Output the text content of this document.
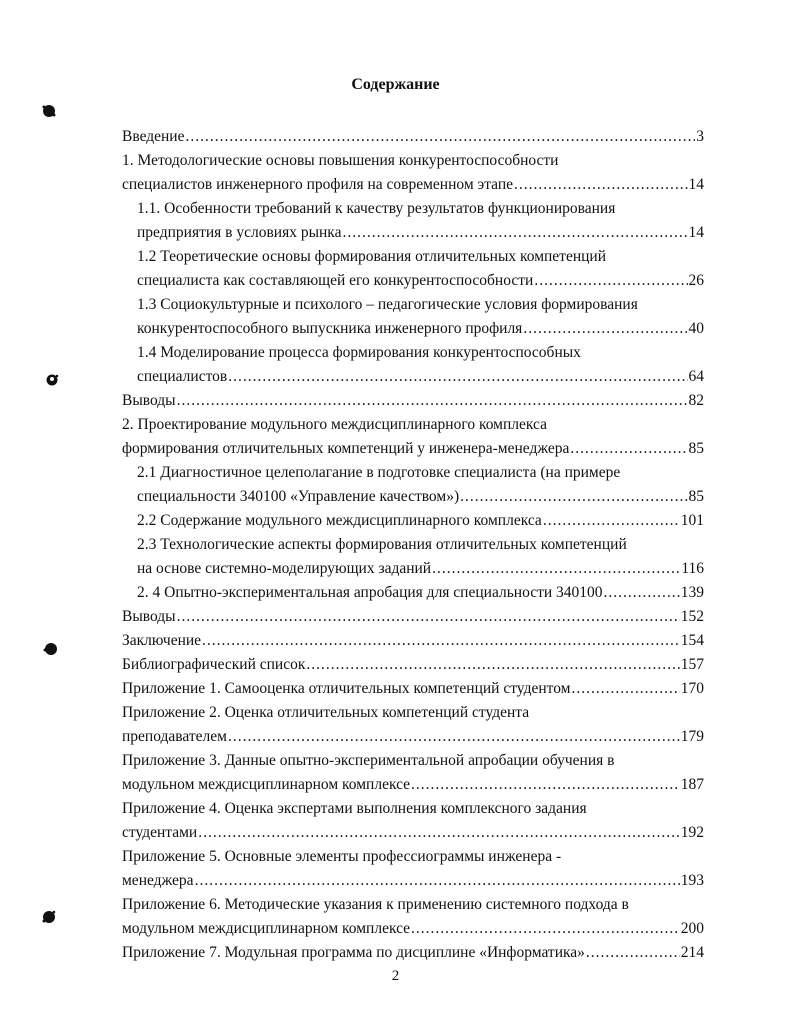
Содержание
Введение .....	3
1. Методологические основы повышения конкурентоспособности
специалистов инженерного профиля на современном этапе .....	14
1.1. Особенности требований к качеству результатов функционирования
предприятия в условиях рынка .....	14
1.2 Теоретические основы формирования отличительных компетенций
специалиста как составляющей его конкурентоспособности .....	26
1.3 Социокультурные и психолого – педагогические условия формирования
конкурентоспособного выпускника инженерного профиля .....	40
1.4 Моделирование процесса формирования конкурентоспособных
специалистов .....	64
Выводы .....	82
2. Проектирование модульного междисциплинарного комплекса
формирования отличительных компетенций у инженера-менеджера .....	85
2.1 Диагностичное целеполагание в подготовке специалиста (на примере
специальности 340100 «Управление качеством») .....	85
2.2 Содержание модульного междисциплинарного комплекса .....	101
2.3 Технологические аспекты формирования отличительных компетенций
на основе системно-моделирующих заданий .....	116
2. 4 Опытно-экспериментальная апробация для специальности 340100 .....	139
Выводы .....	152
Заключение .....	154
Библиографический список .....	157
Приложение 1. Самооценка отличительных компетенций студентом .....	170
Приложение 2. Оценка отличительных компетенций студента
преподавателем .....	179
Приложение 3. Данные опытно-экспериментальной апробации обучения в
модульном междисциплинарном комплексе .....	187
Приложение 4. Оценка экспертами выполнения комплексного задания
студентами .....	192
Приложение 5. Основные элементы профессиограммы инженера -
менеджера .....	193
Приложение 6. Методические указания к применению системного подхода в
модульном междисциплинарном комплексе .....	200
Приложение 7. Модульная программа по дисциплине «Информатика» .....	214
2
